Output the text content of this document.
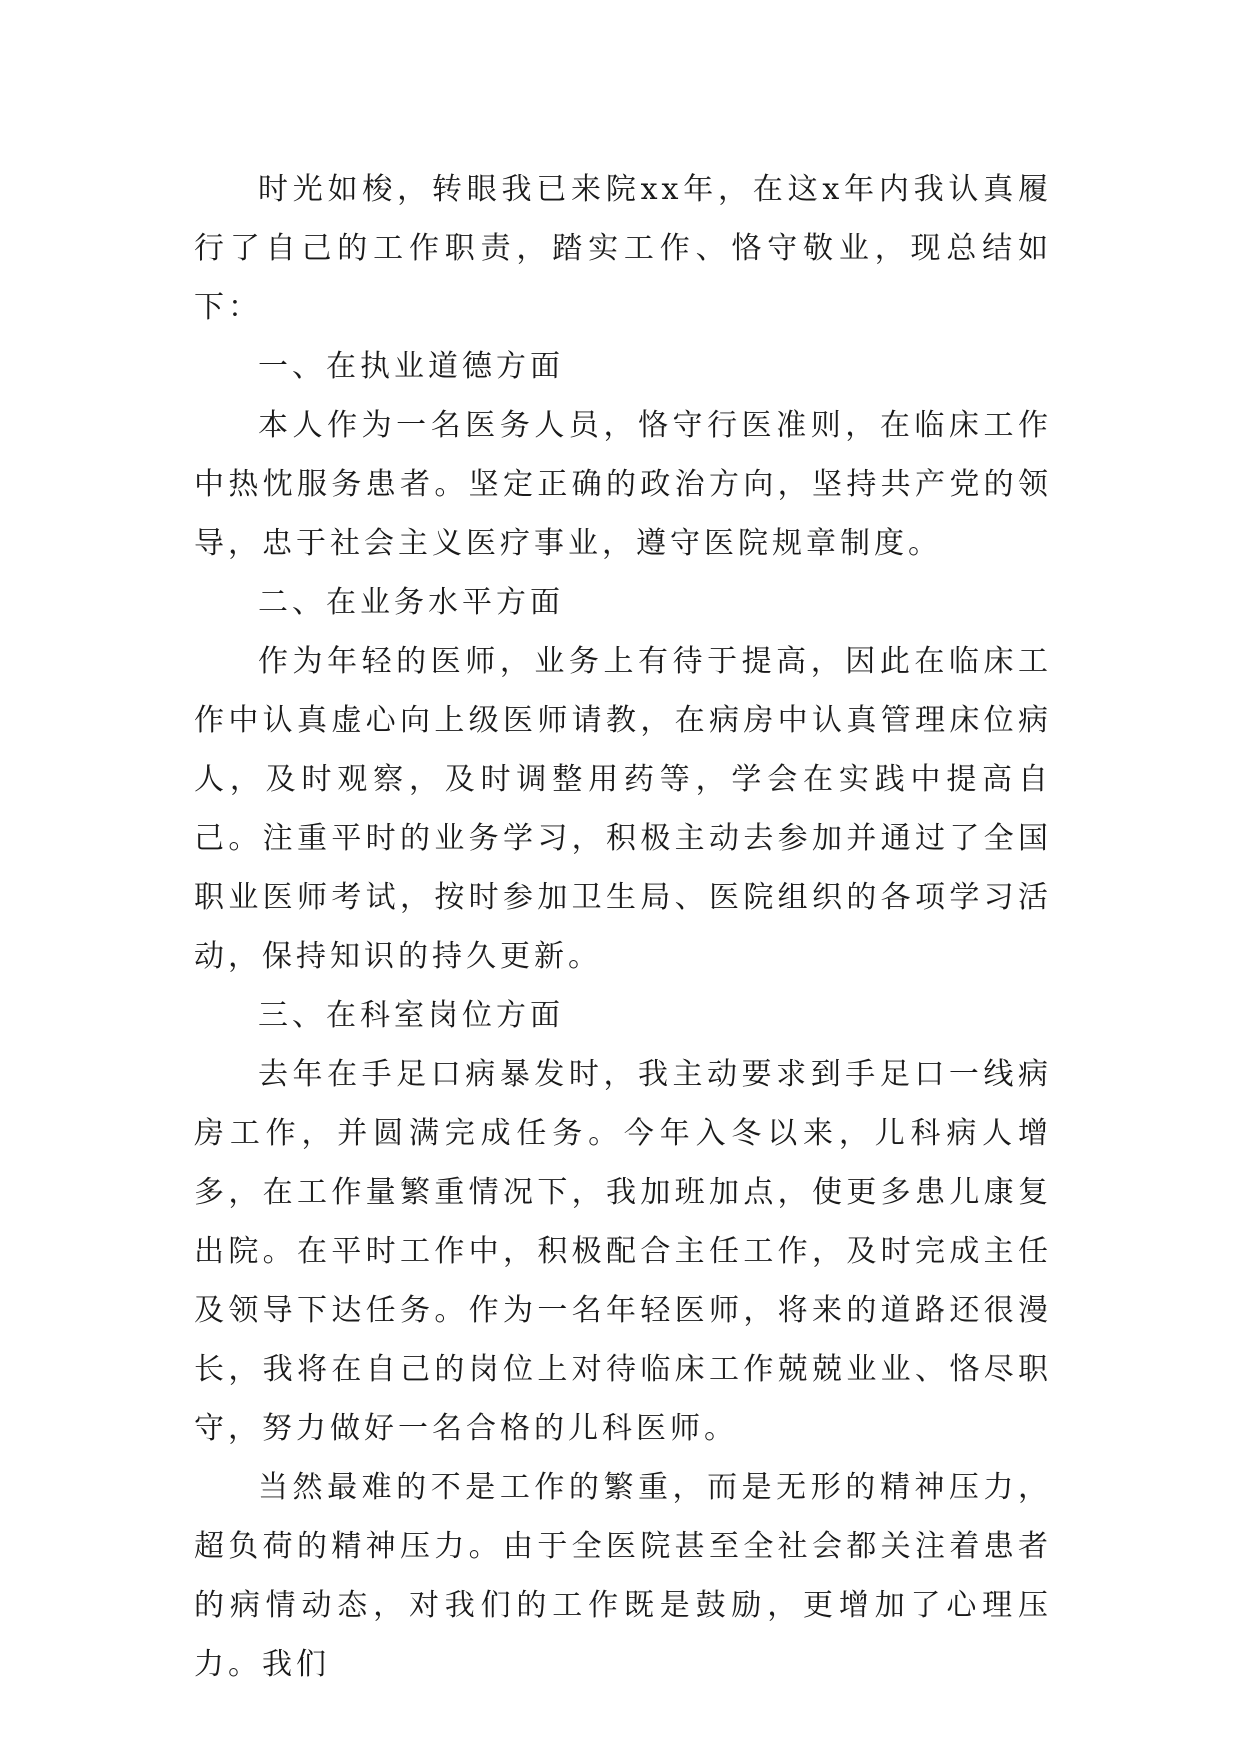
时光如梭，转眼我已来院xx年，在这x年内我认真履行了自己的工作职责，踏实工作、恪守敬业，现总结如下：

一、在执业道德方面

本人作为一名医务人员，恪守行医准则，在临床工作中热忱服务患者。坚定正确的政治方向，坚持共产党的领导，忠于社会主义医疗事业，遵守医院规章制度。

二、在业务水平方面

作为年轻的医师，业务上有待于提高，因此在临床工作中认真虚心向上级医师请教，在病房中认真管理床位病人，及时观察，及时调整用药等，学会在实践中提高自己。注重平时的业务学习，积极主动去参加并通过了全国职业医师考试，按时参加卫生局、医院组织的各项学习活动，保持知识的持久更新。

三、在科室岗位方面

去年在手足口病暴发时，我主动要求到手足口一线病房工作，并圆满完成任务。今年入冬以来，儿科病人增多，在工作量繁重情况下，我加班加点，使更多患儿康复出院。在平时工作中，积极配合主任工作，及时完成主任及领导下达任务。作为一名年轻医师，将来的道路还很漫长，我将在自己的岗位上对待临床工作兢兢业业、恪尽职守，努力做好一名合格的儿科医师。

当然最难的不是工作的繁重，而是无形的精神压力，超负荷的精神压力。由于全医院甚至全社会都关注着患者的病情动态，对我们的工作既是鼓励，更增加了心理压力。我们
